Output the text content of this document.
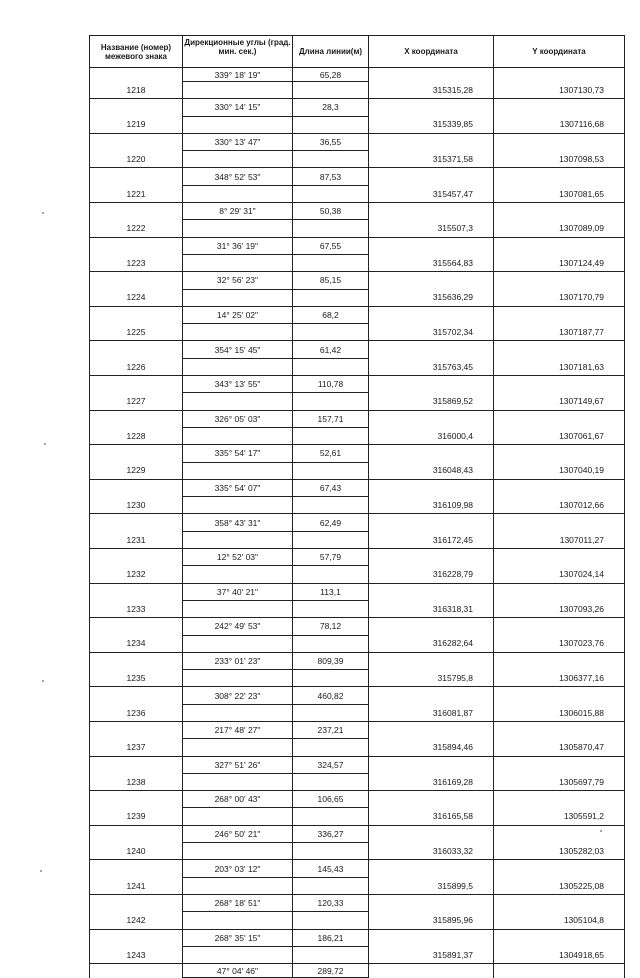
Название (номер) межевого знака	Дирекционные углы (град. мин. сек.)	Длина линии(м)	X координата	Y координата
	339° 18' 19"	65,28		
1218			315315,28	1307130,73
	330° 14' 15"	28,3		
1219			315339,85	1307116,68
	330° 13' 47"	36,55		
1220			315371,58	1307098,53
	348° 52' 53"	87,53		
1221			315457,47	1307081,65
	8° 29' 31"	50,38		
1222			315507,3	1307089,09
	31° 36' 19"	67,55		
1223			315564,83	1307124,49
	32° 56' 23"	85,15		
1224			315636,29	1307170,79
	14° 25' 02"	68,2		
1225			315702,34	1307187,77
	354° 15' 45"	61,42		
1226			315763,45	1307181,63
	343° 13' 55"	110,78		
1227			315869,52	1307149,67
	326° 05' 03"	157,71		
1228			316000,4	1307061,67
	335° 54' 17"	52,61		
1229			316048,43	1307040,19
	335° 54' 07"	67,43		
1230			316109,98	1307012,66
	358° 43' 31"	62,49		
1231			316172,45	1307011,27
	12° 52' 03"	57,79		
1232			316228,79	1307024,14
	37° 40' 21"	113,1		
1233			316318,31	1307093,26
	242° 49' 53"	78,12		
1234			316282,64	1307023,76
	233° 01' 23"	809,39		
1235			315795,8	1306377,16
	308° 22' 23"	460,82		
1236			316081,87	1306015,88
	217° 48' 27"	237,21		
1237			315894,46	1305870,47
	327° 51' 26"	324,57		
1238			316169,28	1305697,79
	268° 00' 43"	106,65		
1239			316165,58	1305591,2
	246° 50' 21"	336,27		
1240			316033,32	1305282,03
	203° 03' 12"	145,43		
1241			315899,5	1305225,08
	268° 18' 51"	120,33		
1242			315895,96	1305104,8
	268° 35' 15"	186,21		
1243			315891,37	1304918,65
	47° 04' 46"	289,72		
